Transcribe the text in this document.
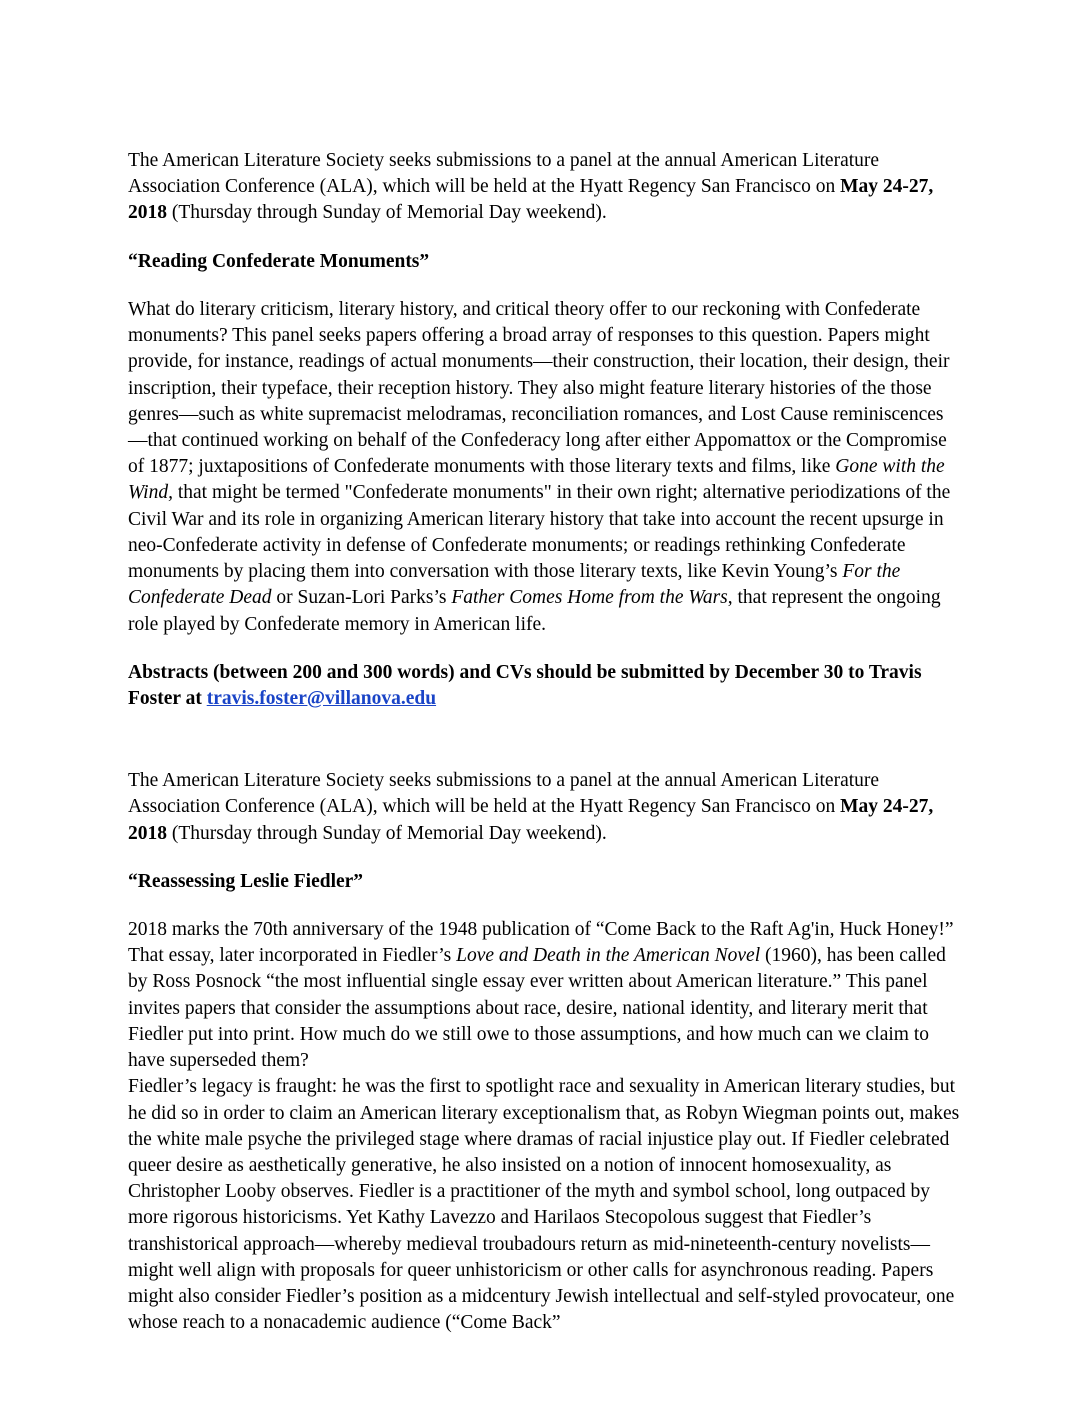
The American Literature Society seeks submissions to a panel at the annual American Literature Association Conference (ALA), which will be held at the Hyatt Regency San Francisco on May 24-27, 2018 (Thursday through Sunday of Memorial Day weekend).

“Reading Confederate Monuments”

What do literary criticism, literary history, and critical theory offer to our reckoning with Confederate monuments? This panel seeks papers offering a broad array of responses to this question. Papers might provide, for instance, readings of actual monuments—their construction, their location, their design, their inscription, their typeface, their reception history. They also might feature literary histories of the those genres—such as white supremacist melodramas, reconciliation romances, and Lost Cause reminiscences—that continued working on behalf of the Confederacy long after either Appomattox or the Compromise of 1877; juxtapositions of Confederate monuments with those literary texts and films, like Gone with the Wind, that might be termed "Confederate monuments" in their own right; alternative periodizations of the Civil War and its role in organizing American literary history that take into account the recent upsurge in neo-Confederate activity in defense of Confederate monuments; or readings rethinking Confederate monuments by placing them into conversation with those literary texts, like Kevin Young’s For the Confederate Dead or Suzan-Lori Parks’s Father Comes Home from the Wars, that represent the ongoing role played by Confederate memory in American life.

Abstracts (between 200 and 300 words) and CVs should be submitted by December 30 to Travis Foster at travis.foster@villanova.edu

The American Literature Society seeks submissions to a panel at the annual American Literature Association Conference (ALA), which will be held at the Hyatt Regency San Francisco on May 24-27, 2018 (Thursday through Sunday of Memorial Day weekend).

“Reassessing Leslie Fiedler”

2018 marks the 70th anniversary of the 1948 publication of “Come Back to the Raft Ag'in, Huck Honey!” That essay, later incorporated in Fiedler’s Love and Death in the American Novel (1960), has been called by Ross Posnock “the most influential single essay ever written about American literature.” This panel invites papers that consider the assumptions about race, desire, national identity, and literary merit that Fiedler put into print. How much do we still owe to those assumptions, and how much can we claim to have superseded them?

Fiedler’s legacy is fraught: he was the first to spotlight race and sexuality in American literary studies, but he did so in order to claim an American literary exceptionalism that, as Robyn Wiegman points out, makes the white male psyche the privileged stage where dramas of racial injustice play out. If Fiedler celebrated queer desire as aesthetically generative, he also insisted on a notion of innocent homosexuality, as Christopher Looby observes. Fiedler is a practitioner of the myth and symbol school, long outpaced by more rigorous historicisms. Yet Kathy Lavezzo and Harilaos Stecopolous suggest that Fiedler’s transhistorical approach—whereby medieval troubadours return as mid-nineteenth-century novelists—might well align with proposals for queer unhistoricism or other calls for asynchronous reading. Papers might also consider Fiedler’s position as a midcentury Jewish intellectual and self-styled provocateur, one whose reach to a nonacademic audience (“Come Back”
